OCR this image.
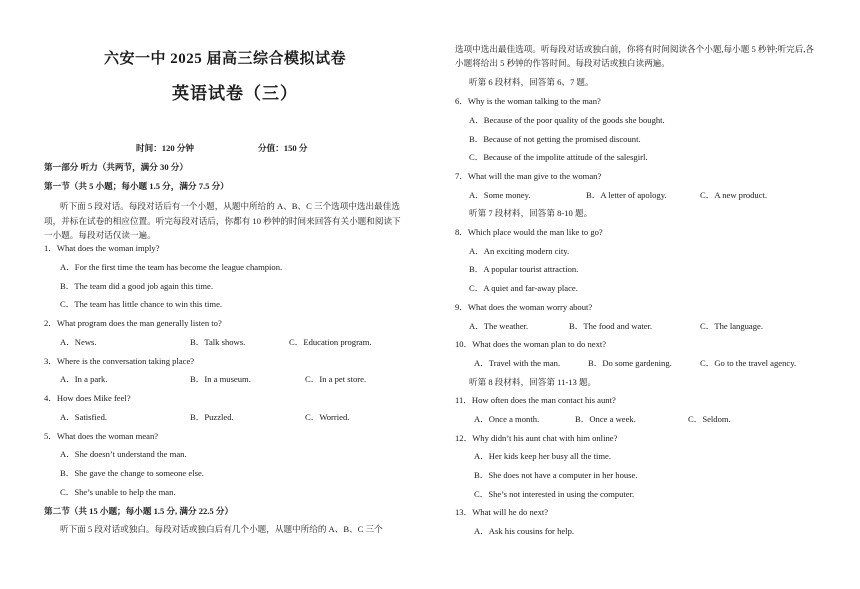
六安一中 2025 届高三综合模拟试卷
英语试卷（三）
时间：120 分钟	分值：150 分
第一部分 听力（共两节，满分 30 分）
第一节（共 5 小题；每小题 1.5 分，满分 7.5 分）
听下面 5 段对话。每段对话后有一个小题，从题中所给的 A、B、C 三个选项中选出最佳选项，并标在试卷的相应位置。听完每段对话后，你都有 10 秒钟的时间来回答有关小题和阅读下一小题。每段对话仅读一遍。
1．What does the woman imply?
A．For the first time the team has become the league champion.
B．The team did a good job again this time.
C．The team has little chance to win this time.
2．What program does the man generally listen to?
A．News.	B．Talk shows.	C．Education program.
3．Where is the conversation taking place?
A．In a park.	B．In a museum.	C．In a pet store.
4．How does Mike feel?
A．Satisfied.	B．Puzzled.	C．Worried.
5．What does the woman mean?
A．She doesn’t understand the man.
B．She gave the change to someone else.
C．She’s unable to help the man.
第二节（共 15 小题；每小题 1.5 分, 满分 22.5 分）
听下面 5 段对话或独白。每段对话或独白后有几个小题，从题中所给的 A、B、C 三个
选项中选出最佳选项。听每段对话或独白前，你将有时间阅读各个小题,每小题 5 秒钟;听完后,各小题将给出 5 秒钟的作答时间。每段对话或独白读两遍。
听第 6 段材料，回答第 6、7 题。
6．Why is the woman talking to the man?
A．Because of the poor quality of the goods she bought.
B．Because of not getting the promised discount.
C．Because of the impolite attitude of the salesgirl.
7．What will the man give to the woman?
A．Some money.	B．A letter of apology.	C．A new product.
听第 7 段材料，回答第 8-10 题。
8．Which place would the man like to go?
A．An exciting modern city.
B．A popular tourist attraction.
C．A quiet and far-away place.
9．What does the woman worry about?
A．The weather.	B．The food and water.	C．The language.
10．What does the woman plan to do next?
A．Travel with the man.	B．Do some gardening.	C．Go to the travel agency.
听第 8 段材料，回答第 11-13 题。
11．How often does the man contact his aunt?
A．Once a month.	B．Once a week.	C．Seldom.
12．Why didn’t his aunt chat with him online?
A．Her kids keep her busy all the time.
B．She does not have a computer in her house.
C．She’s not interested in using the computer.
13．What will he do next?
A．Ask his cousins for help.
